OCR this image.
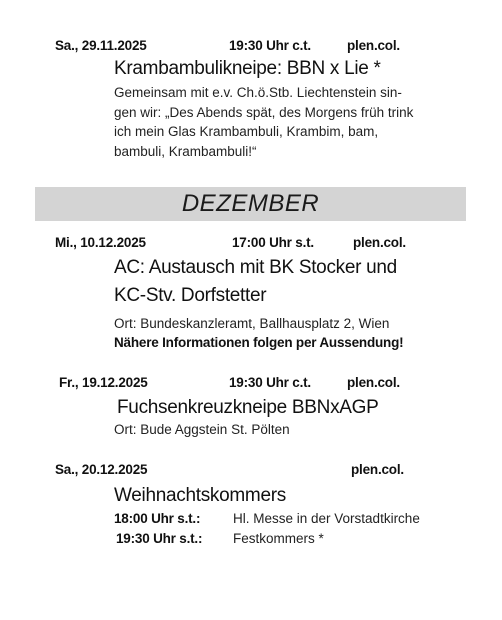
Sa., 29.11.2025	19:30 Uhr c.t.	plen.col.
Krambambulikneipe: BBN x Lie *
Gemeinsam mit e.v. Ch.ö.Stb. Liechtenstein sin-
gen wir: „Des Abends spät, des Morgens früh trink
ich mein Glas Krambambuli, Krambim, bam,
bambuli, Krambambuli!“
DEZEMBER
Mi., 10.12.2025	17:00 Uhr s.t.	plen.col.
AC: Austausch mit BK Stocker und
KC-Stv. Dorfstetter
Ort: Bundeskanzleramt, Ballhausplatz 2, Wien
Nähere Informationen folgen per Aussendung!
Fr., 19.12.2025	19:30 Uhr c.t.	plen.col.
Fuchsenkreuzkneipe BBNxAGP
Ort: Bude Aggstein St. Pölten
Sa., 20.12.2025	plen.col.
Weihnachtskommers
18:00 Uhr s.t.: Hl. Messe in der Vorstadtkirche
19:30 Uhr s.t.: Festkommers *
